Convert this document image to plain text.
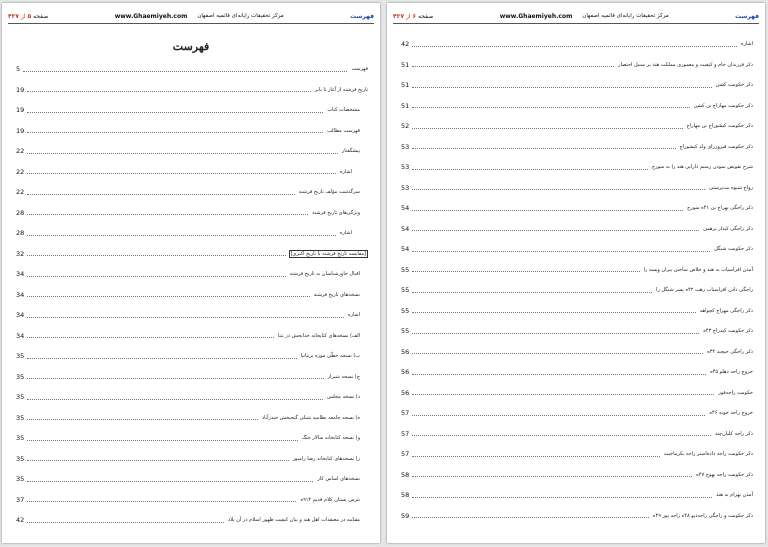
فهرست
www.Ghaemiyeh.com مرکز تحقیقات رایانه‌ای قائمیه اصفهان
صفحه ۵ از ۴۲۷
فهرست
فهرست
5
تاریخ فرشته از آغاز تا بابر
19
مشخصات کتاب
19
فهرست مطالب
19
پیشگفتار
22
اشاره
22
سرگذشت مؤلف تاریخ فرشته
22
ویژگی‌های تاریخ فرشته
28
اشاره
28
[مقایسه تاریخ فرشته با تاریخ اکبری]
32
اقبال خاورشناسان به تاریخ فرشته
34
نسخه‌های تاریخ فرشته
34
اشاره
34
الف) نسخه‌های کتابخانه خدابخش در پتنا
34
ب) نسخه خطّی موزه بریتانیا
35
ج) نسخه شیراز
35
د) نسخه مجلس
35
ه) نسخه جامعه نظامیه شبلی گنجبخش حیدرآباد
35
و) نسخه کتابخانه سالار جنگ
35
ز) نسخه‌های کتابخانه رضا رامپور
35
نسخه‌های اساس کار
35
نثرس بستان کلام قدیم ۹۱۴ه
37
مقدّمه در معتقدات اهل هند و بیان کیفیت ظهور اسلام در آن بلاد
42
فهرست
www.Ghaemiyeh.com مرکز تحقیقات رایانه‌ای قائمیه اصفهان
صفحه ۶ از ۴۲۷
اشاره
42
ذکر فرزندان حام و کیفیت و معموری مملکت هند بر سبیل اختصار
51
ذکر حکومت کشن
51
ذکر حکومت مهاراج بن کشن
51
ذکر حکومت کیشوراج بن مهاراج
52
ذکر حکومت فیروزرای ولد کیشوراج
53
شرح تفویض نمودن رستم دارایی هند را به سورج
53
رواج شیوه بت‌پرستی
53
ذکر راجگی بهراج بن ۴۱ه سورج
54
ذکر راجگی کیدار برهمن
54
ذکر حکومت شنگل
54
آمدن افراسیاب به هند و خلاص ساختن پیران ویسه را
55
راجگی دادن افراسیاب رهت ۴۲ه پسر شنگل را
55
ذکر راجگی مهراج کچواهه
55
ذکر حکومت کیدراج ۴۳ه
55
ذکر راجگی جیچند ۴۴ه
56
خروج راجه دهلو ۴۵ه
56
حکومت راجه‌فور
56
خروج راجه جونه ۴۶ه
57
ذکر راجه کلیان‌چند
57
ذکر حکومت راجه داده‌استر راجه بکرماجیت
57
ذکر حکومت راجه بهوج ۴۷ه
58
آمدن بهرام به هند
58
ذکر حکومت و راجگی راجه‌دیو ۴۸ه راجه پور ۴۹ه
59
